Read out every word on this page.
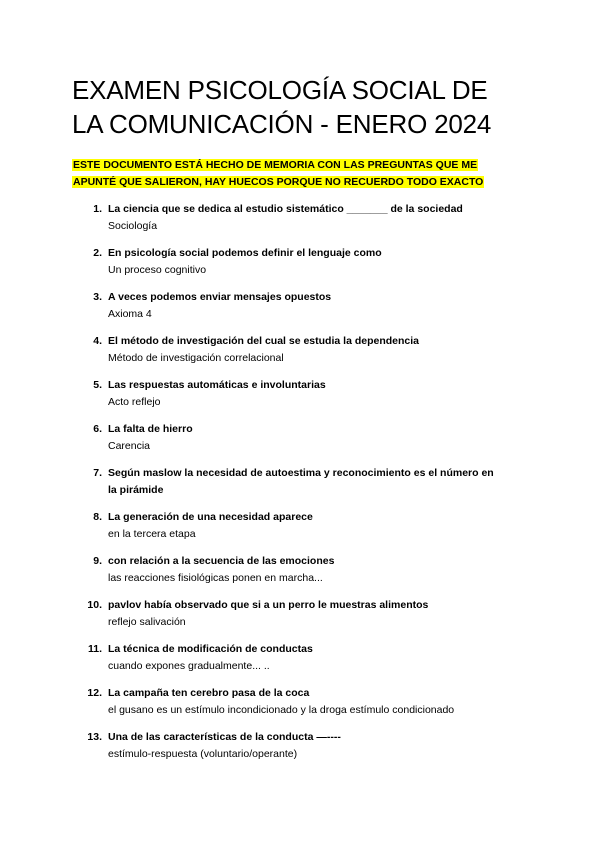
EXAMEN PSICOLOGÍA SOCIAL DE
LA COMUNICACIÓN - ENERO 2024

ESTE DOCUMENTO ESTÁ HECHO DE MEMORIA CON LAS PREGUNTAS QUE ME
APUNTÉ QUE SALIERON, HAY HUECOS PORQUE NO RECUERDO TODO EXACTO

1. La ciencia que se dedica al estudio sistemático _______ de la sociedad
Sociología
2. En psicología social podemos definir el lenguaje como
Un proceso cognitivo
3. A veces podemos enviar mensajes opuestos
Axioma 4
4. El método de investigación del cual se estudia la dependencia
Método de investigación correlacional
5. Las respuestas automáticas e involuntarias
Acto reflejo
6. La falta de hierro
Carencia
7. Según maslow la necesidad de autoestima y reconocimiento es el número en
la pirámide
8. La generación de una necesidad aparece
en la tercera etapa
9. con relación a la secuencia de las emociones
las reacciones fisiológicas ponen en marcha...
10. pavlov había observado que si a un perro le muestras alimentos
reflejo salivación
11. La técnica de modificación de conductas
cuando expones gradualmente... ..
12. La campaña ten cerebro pasa de la coca
el gusano es un estímulo incondicionado y la droga estímulo condicionado
13. Una de las características de la conducta —----
estímulo-respuesta (voluntario/operante)
